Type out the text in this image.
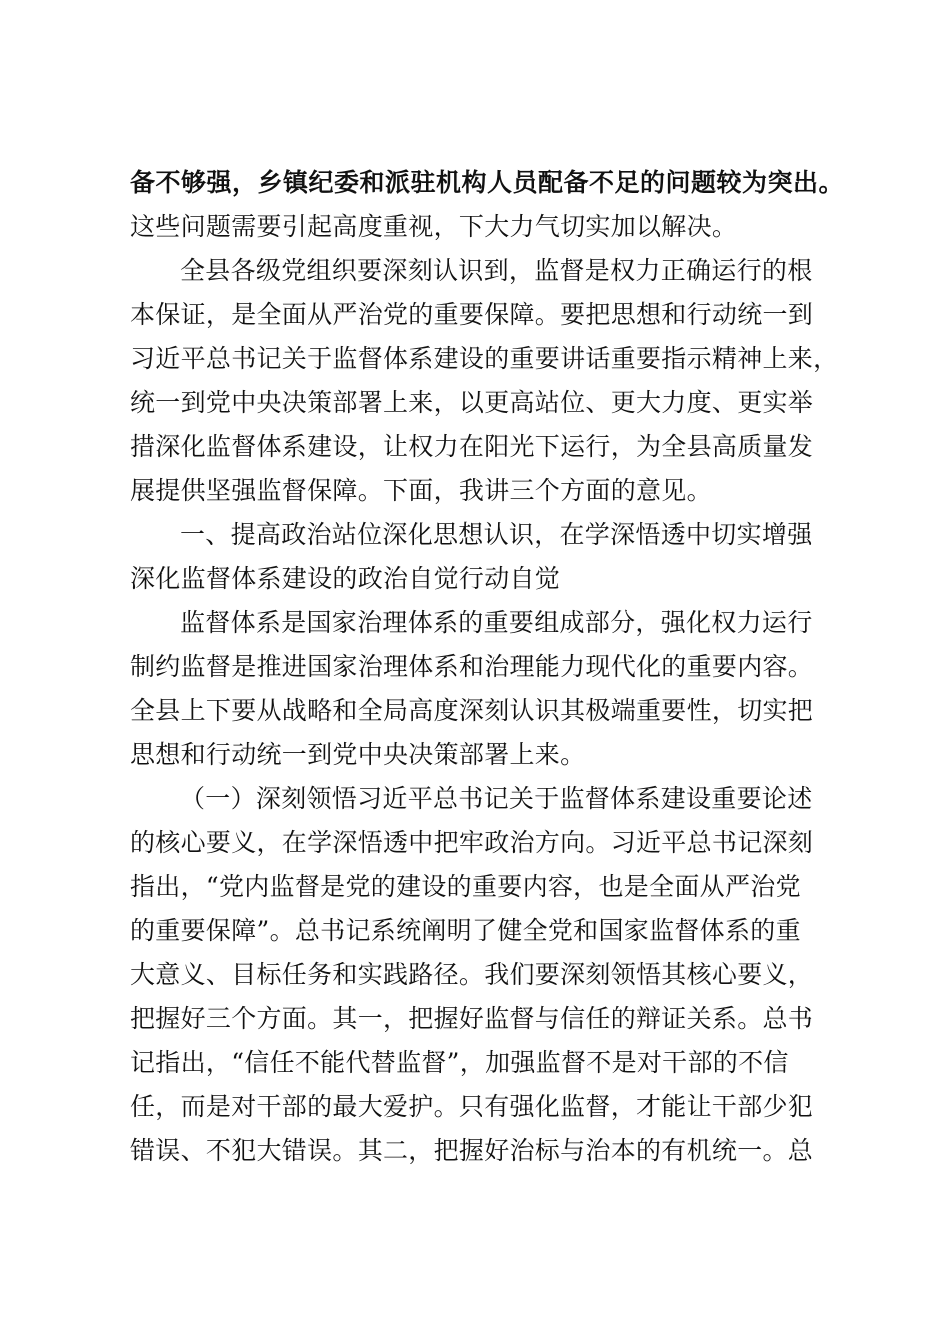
备不够强，乡镇纪委和派驻机构人员配备不足的问题较为突出。
这些问题需要引起高度重视，下大力气切实加以解决。
全县各级党组织要深刻认识到，监督是权力正确运行的根
本保证，是全面从严治党的重要保障。要把思想和行动统一到
习近平总书记关于监督体系建设的重要讲话重要指示精神上来，
统一到党中央决策部署上来，以更高站位、更大力度、更实举
措深化监督体系建设，让权力在阳光下运行，为全县高质量发
展提供坚强监督保障。下面，我讲三个方面的意见。
一、提高政治站位深化思想认识，在学深悟透中切实增强
深化监督体系建设的政治自觉行动自觉
监督体系是国家治理体系的重要组成部分，强化权力运行
制约监督是推进国家治理体系和治理能力现代化的重要内容。
全县上下要从战略和全局高度深刻认识其极端重要性，切实把
思想和行动统一到党中央决策部署上来。
（一）深刻领悟习近平总书记关于监督体系建设重要论述
的核心要义，在学深悟透中把牢政治方向。习近平总书记深刻
指出，“党内监督是党的建设的重要内容，也是全面从严治党
的重要保障”。总书记系统阐明了健全党和国家监督体系的重
大意义、目标任务和实践路径。我们要深刻领悟其核心要义，
把握好三个方面。其一，把握好监督与信任的辩证关系。总书
记指出，“信任不能代替监督”，加强监督不是对干部的不信
任，而是对干部的最大爱护。只有强化监督，才能让干部少犯
错误、不犯大错误。其二，把握好治标与治本的有机统一。总
